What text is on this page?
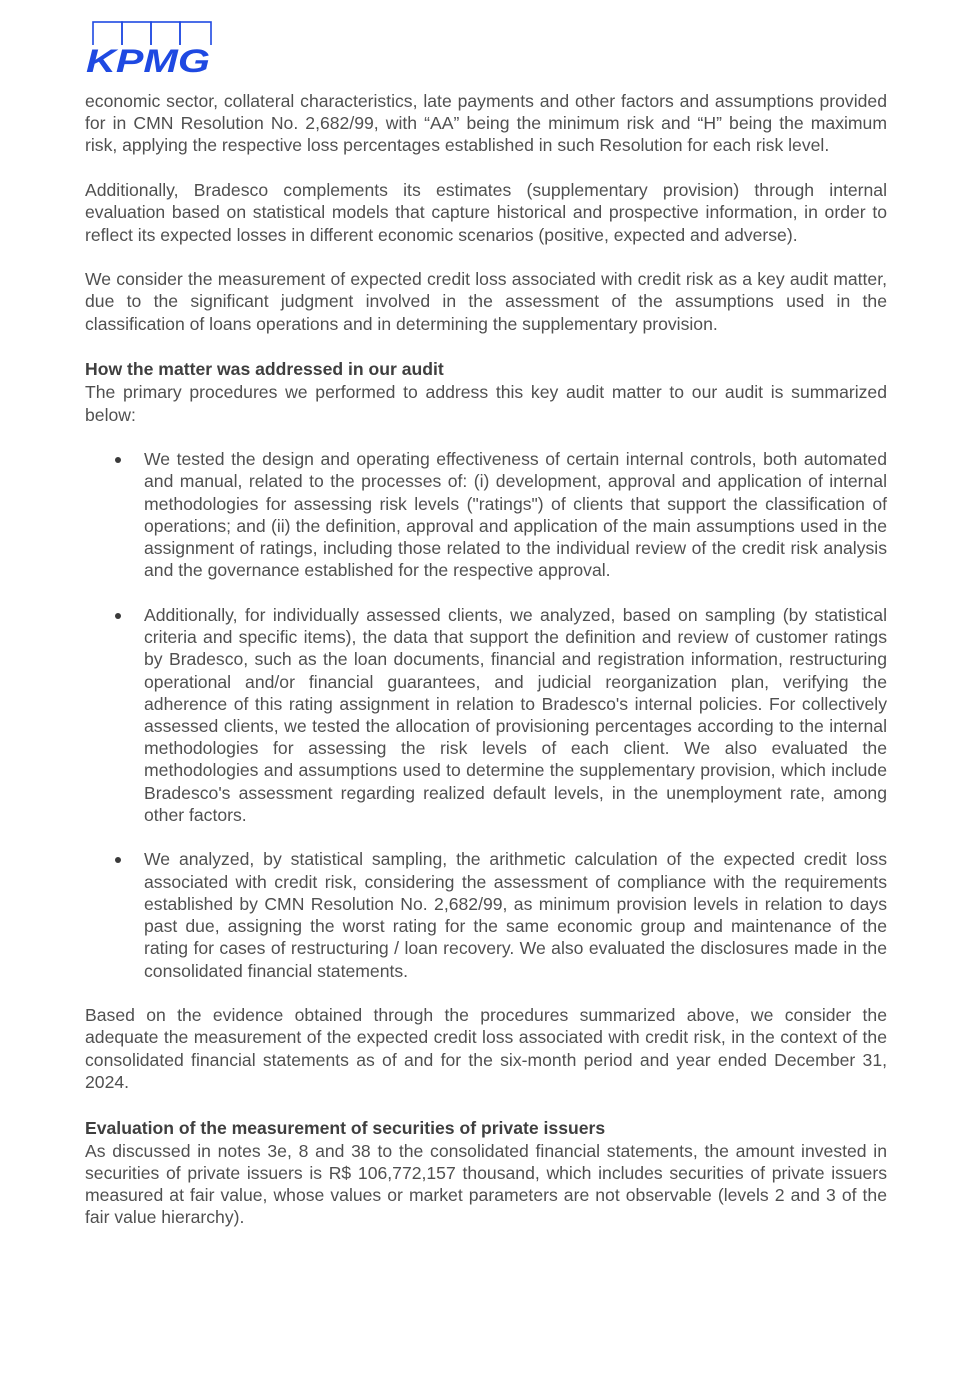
KPMG

economic sector, collateral characteristics, late payments and other factors and assumptions provided for in CMN Resolution No. 2,682/99, with “AA” being the minimum risk and “H” being the maximum risk, applying the respective loss percentages established in such Resolution for each risk level.

Additionally, Bradesco complements its estimates (supplementary provision) through internal evaluation based on statistical models that capture historical and prospective information, in order to reflect its expected losses in different economic scenarios (positive, expected and adverse).

We consider the measurement of expected credit loss associated with credit risk as a key audit matter, due to the significant judgment involved in the assessment of the assumptions used in the classification of loans operations and in determining the supplementary provision.

How the matter was addressed in our audit

The primary procedures we performed to address this key audit matter to our audit is summarized below:

We tested the design and operating effectiveness of certain internal controls, both automated and manual, related to the processes of: (i) development, approval and application of internal methodologies for assessing risk levels ("ratings") of clients that support the classification of operations; and (ii) the definition, approval and application of the main assumptions used in the assignment of ratings, including those related to the individual review of the credit risk analysis and the governance established for the respective approval.
Additionally, for individually assessed clients, we analyzed, based on sampling (by statistical criteria and specific items), the data that support the definition and review of customer ratings by Bradesco, such as the loan documents, financial and registration information, restructuring operational and/or financial guarantees, and judicial reorganization plan, verifying the adherence of this rating assignment in relation to Bradesco's internal policies. For collectively assessed clients, we tested the allocation of provisioning percentages according to the internal methodologies for assessing the risk levels of each client. We also evaluated the methodologies and assumptions used to determine the supplementary provision, which include Bradesco's assessment regarding realized default levels, in the unemployment rate, among other factors.
We analyzed, by statistical sampling, the arithmetic calculation of the expected credit loss associated with credit risk, considering the assessment of compliance with the requirements established by CMN Resolution No. 2,682/99, as minimum provision levels in relation to days past due, assigning the worst rating for the same economic group and maintenance of the rating for cases of restructuring / loan recovery. We also evaluated the disclosures made in the consolidated financial statements.

Based on the evidence obtained through the procedures summarized above, we consider the adequate the measurement of the expected credit loss associated with credit risk, in the context of the consolidated financial statements as of and for the six-month period and year ended December 31, 2024.

Evaluation of the measurement of securities of private issuers

As discussed in notes 3e, 8 and 38 to the consolidated financial statements, the amount invested in securities of private issuers is R$ 106,772,157 thousand, which includes securities of private issuers measured at fair value, whose values or market parameters are not observable (levels 2 and 3 of the fair value hierarchy).
